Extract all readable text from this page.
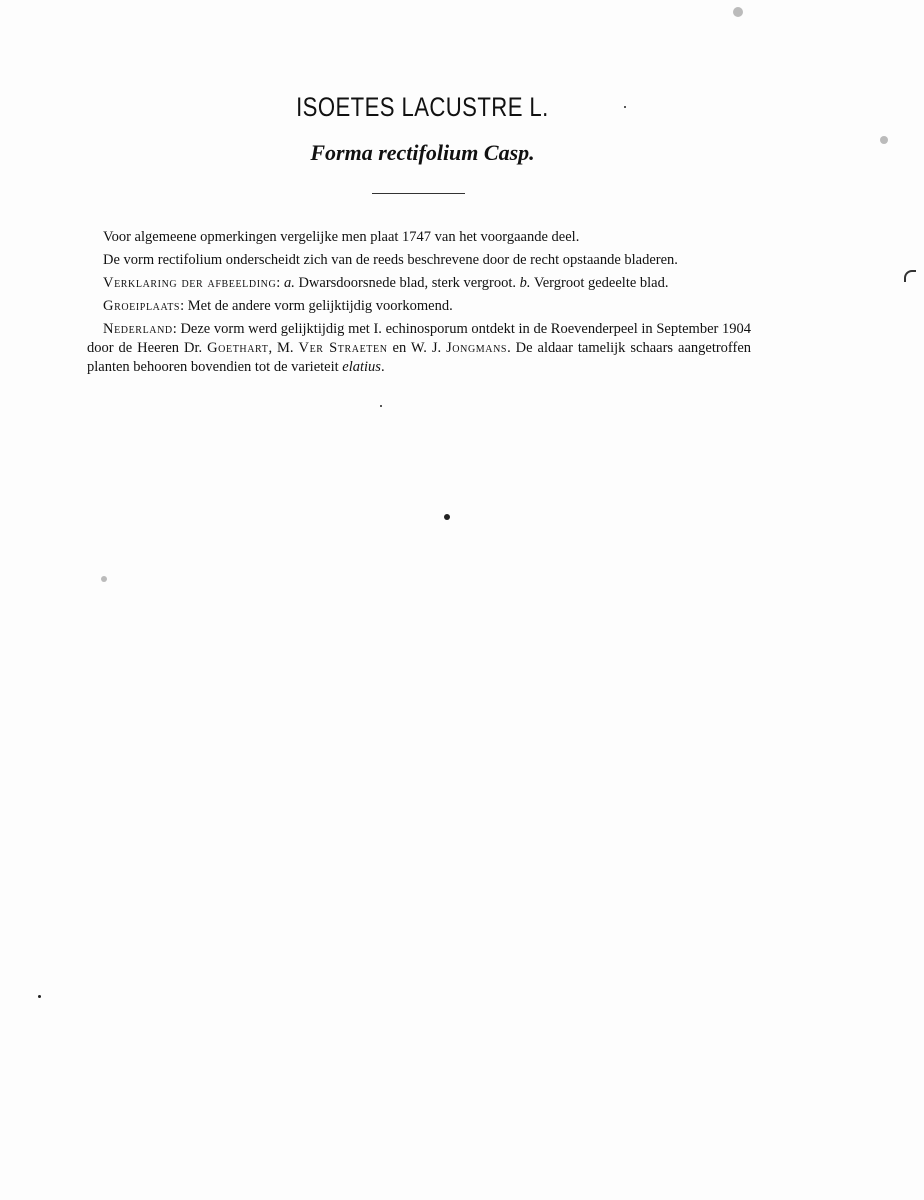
ISOETES LACUSTRE L.
Forma rectifolium Casp.

Voor algemeene opmerkingen vergelijke men plaat 1747 van het voorgaande deel.

De vorm rectifolium onderscheidt zich van de reeds beschrevene door de recht opstaande bladeren.

Verklaring der afbeelding: a. Dwarsdoorsnede blad, sterk vergroot. b. Vergroot gedeelte blad.

Groeiplaats: Met de andere vorm gelijktijdig voorkomend.

Nederland: Deze vorm werd gelijktijdig met I. echinosporum ontdekt in de Roevenderpeel in September 1904 door de Heeren Dr. Goethart, M. Ver Straeten en W. J. Jongmans. De aldaar tamelijk schaars aangetroffen planten behooren bovendien tot de varieteit elatius.
